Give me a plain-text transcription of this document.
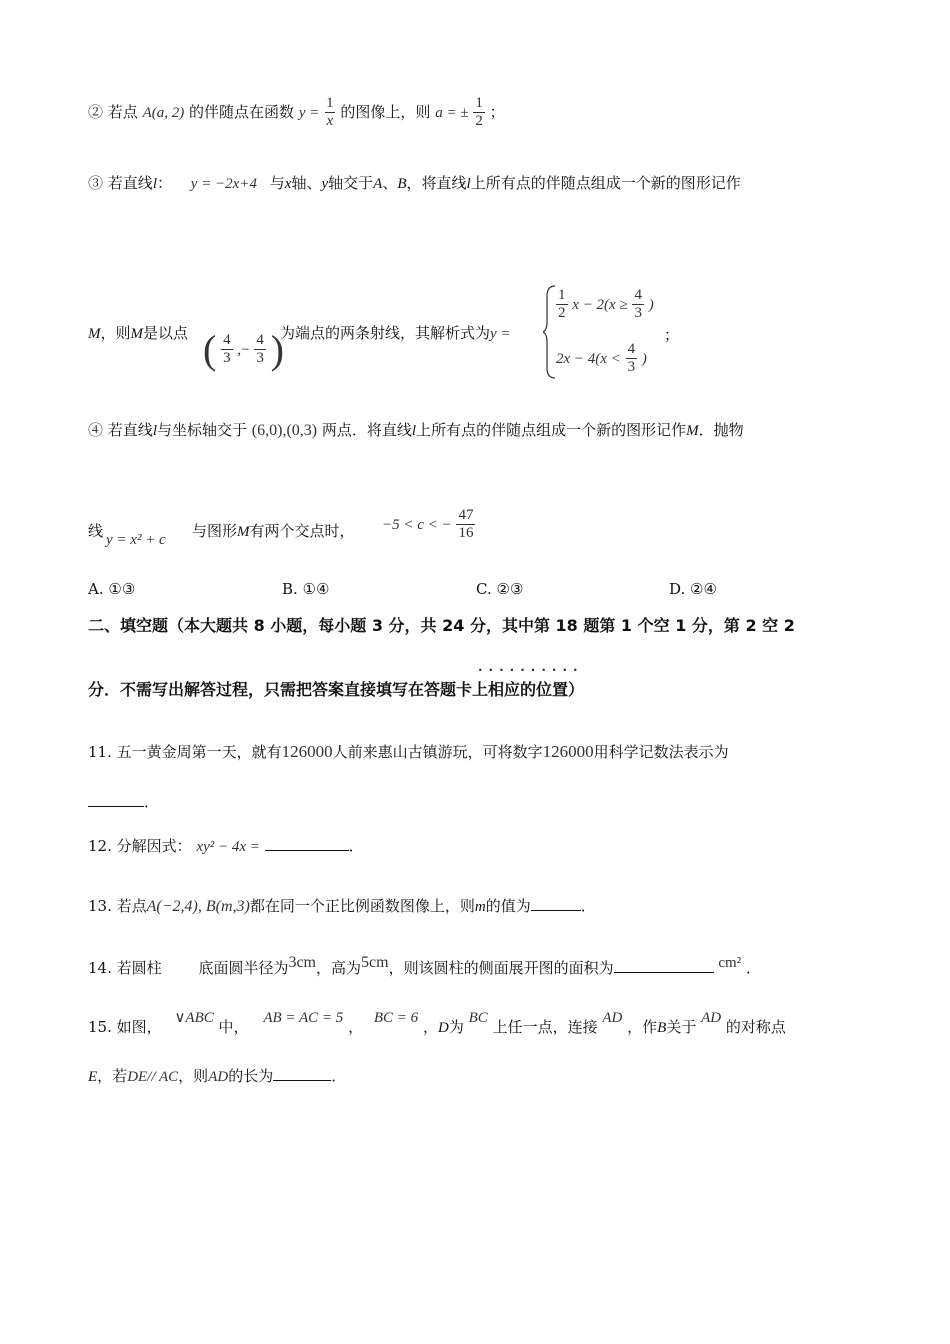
② 若点 A(a, 2) 的伴随点在函数 $y = \frac{1}{x}$ 的图像上，则 a = ± $\frac{1}{2}$ ；
③ 若直线l： y = −2x+4 与x轴、y轴交于A、B，将直线l上所有点的伴随点组成一个新的图形记作
M，则M是以点 ( $\frac{4}{3}$ ,− $\frac{4}{3}$ )
为端点的两条射线，其解析式为y =
$\frac{1}{2}$ $x - 2(x \ge \frac{4}{3}$ )
$2x - 4(x < \frac{4}{3}$ )
；
④ 若直线l与坐标轴交于 (6,0),(0,3) 两点．将直线l上所有点的伴随点组成一个新的图形记作M．抛物
线 y = x² + c 与图形M有两个交点时， −5 < c < − $\frac{47}{16}$
A. ①③	B. ①④	C. ②③	D. ②④
二、填空题（本大题共 8 小题，每小题 3 分，共 24 分，其中第 18 题第 1 个空 1 分，第 2 空 2
··········
分．不需写出解答过程，只需把答案直接填写在答题卡上相应的位置）
11. 五一黄金周第一天，就有126000人前来惠山古镇游玩，可将数字126000用科学记数法表示为
．
12. 分解因式： xy² − 4x =	．
13. 若点A(−2,4), B(m,3)都在同一个正比例函数图像上，则m的值为	．
14. 若圆柱 底面圆半径为3cm，高为5cm，则该圆柱的侧面展开图的面积为	cm² ．
15. 如图， ∨ABC 中， AB = AC = 5 ， BC = 6 ，D为 BC 上任一点，连接 AD ，作B关于 AD 的对称点
E，若DE// AC，则AD的长为	．
